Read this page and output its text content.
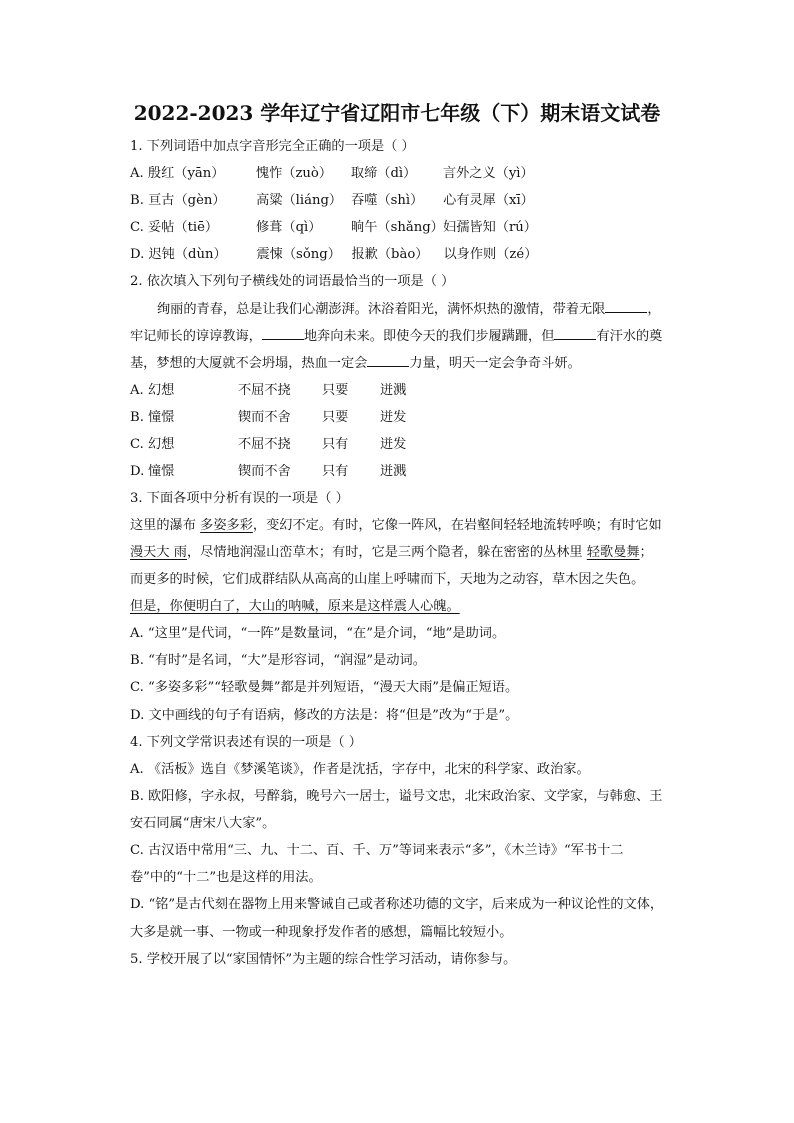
2022-2023 学年辽宁省辽阳市七年级（下）期末语文试卷
1. 下列词语中加点字音形完全正确的一项是（ ）
A. 殷红（yān） 愧怍（zuò） 取缔（dì） 言外之义（yì）
B. 亘古（gèn） 高粱（liáng） 吞噬（shì） 心有灵犀（xī）
C. 妥帖（tiē）	修葺（qì） 晌午（shǎng）妇孺皆知（rú）
D. 迟钝（dùn） 震悚（sǒng） 报歉（bào） 以身作则（zé）
2. 依次填入下列句子横线处的词语最恰当的一项是（ ）
绚丽的青春，总是让我们心潮澎湃。沐浴着阳光，满怀炽热的激情，带着无限	，
牢记师长的谆谆教诲，	地奔向未来。即使今天的我们步履蹒跚，但	有汗水的奠
基，梦想的大厦就不会坍塌，热血一定会	力量，明天一定会争奇斗妍。
A. 幻想	不屈不挠 只要 迸溅
B. 憧憬	锲而不舍 只要 迸发
C. 幻想	不屈不挠 只有 迸发
D. 憧憬	锲而不舍 只有 迸溅
3. 下面各项中分析有误的一项是（ ）
这里的瀑布 多姿多彩，变幻不定。有时，它像一阵风，在岩壑间轻轻地流转呼唤；有时它如
漫天大 雨，尽情地润湿山峦草木；有时，它是三两个隐者，躲在密密的丛林里 轻歌曼舞；
而更多的时候，它们成群结队从高高的山崖上呼啸而下，天地为之动容，草木因之失色。
但是，你便明白了，大山的呐喊，原来是这样震人心魄。
A. “这里”是代词，“一阵”是数量词，“在”是介词，“地”是助词。
B. “有时”是名词，“大”是形容词，“润湿”是动词。
C. “多姿多彩”“轻歌曼舞”都是并列短语，“漫天大雨”是偏正短语。
D. 文中画线的句子有语病，修改的方法是：将“但是”改为“于是”。
4. 下列文学常识表述有误的一项是（ ）
A. 《活板》选自《梦溪笔谈》，作者是沈括，字存中，北宋的科学家、政治家。
B. 欧阳修，字永叔，号醉翁，晚号六一居士，谥号文忠，北宋政治家、文学家，与韩愈、王
安石同属“唐宋八大家”。
C. 古汉语中常用“三、九、十二、百、千、万”等词来表示“多”，《木兰诗》“军书十二
卷”中的“十二”也是这样的用法。
D. “铭”是古代刻在器物上用来警诫自己或者称述功德的文字，后来成为一种议论性的文体，
大多是就一事、一物或一种现象抒发作者的感想，篇幅比较短小。
5. 学校开展了以“家国情怀”为主题的综合性学习活动，请你参与。
